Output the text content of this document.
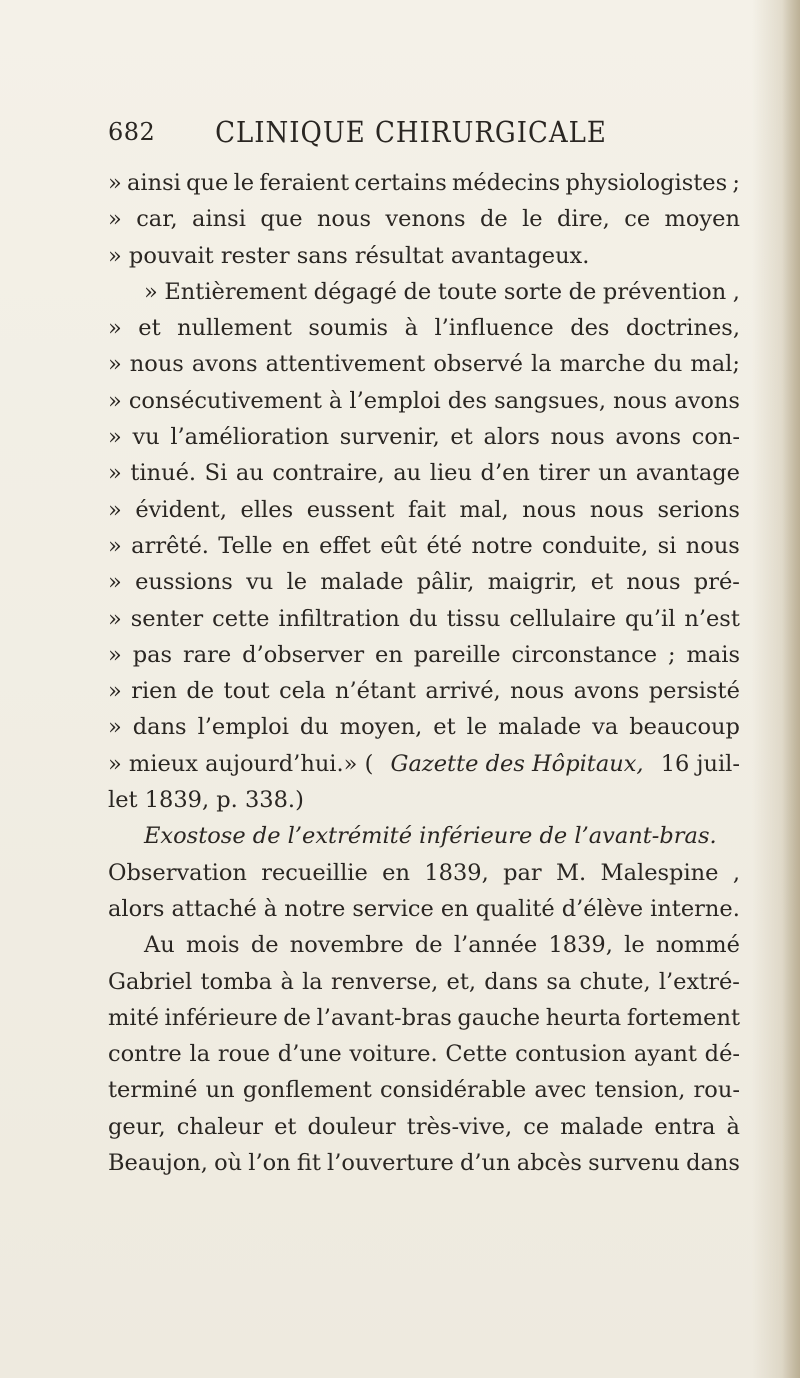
682	CLINIQUE CHIRURGICALE
» ainsi que le feraient certains médecins physiologistes ;
» car, ainsi que nous venons de le dire, ce moyen
» pouvait rester sans résultat avantageux.
» Entièrement dégagé de toute sorte de prévention ,
» et nullement soumis à l’influence des doctrines,
» nous avons attentivement observé la marche du mal;
» consécutivement à l’emploi des sangsues, nous avons
» vu l’amélioration survenir, et alors nous avons con-
» tinué. Si au contraire, au lieu d’en tirer un avantage
» évident, elles eussent fait mal, nous nous serions
» arrêté. Telle en effet eût été notre conduite, si nous
» eussions vu le malade pâlir, maigrir, et nous pré-
» senter cette infiltration du tissu cellulaire qu’il n’est
» pas rare d’observer en pareille circonstance ; mais
» rien de tout cela n’étant arrivé, nous avons persisté
» dans l’emploi du moyen, et le malade va beaucoup
» mieux aujourd’hui.» ( Gazette des Hôpitaux, 16 juil-
let 1839, p. 338.)
Exostose de l’extrémité inférieure de l’avant-bras.
Observation recueillie en 1839, par M. Malespine ,
alors attaché à notre service en qualité d’élève interne.
Au mois de novembre de l’année 1839, le nommé
Gabriel tomba à la renverse, et, dans sa chute, l’extré-
mité inférieure de l’avant-bras gauche heurta fortement
contre la roue d’une voiture. Cette contusion ayant dé-
terminé un gonflement considérable avec tension, rou-
geur, chaleur et douleur très-vive, ce malade entra à
Beaujon, où l’on fit l’ouverture d’un abcès survenu dans
